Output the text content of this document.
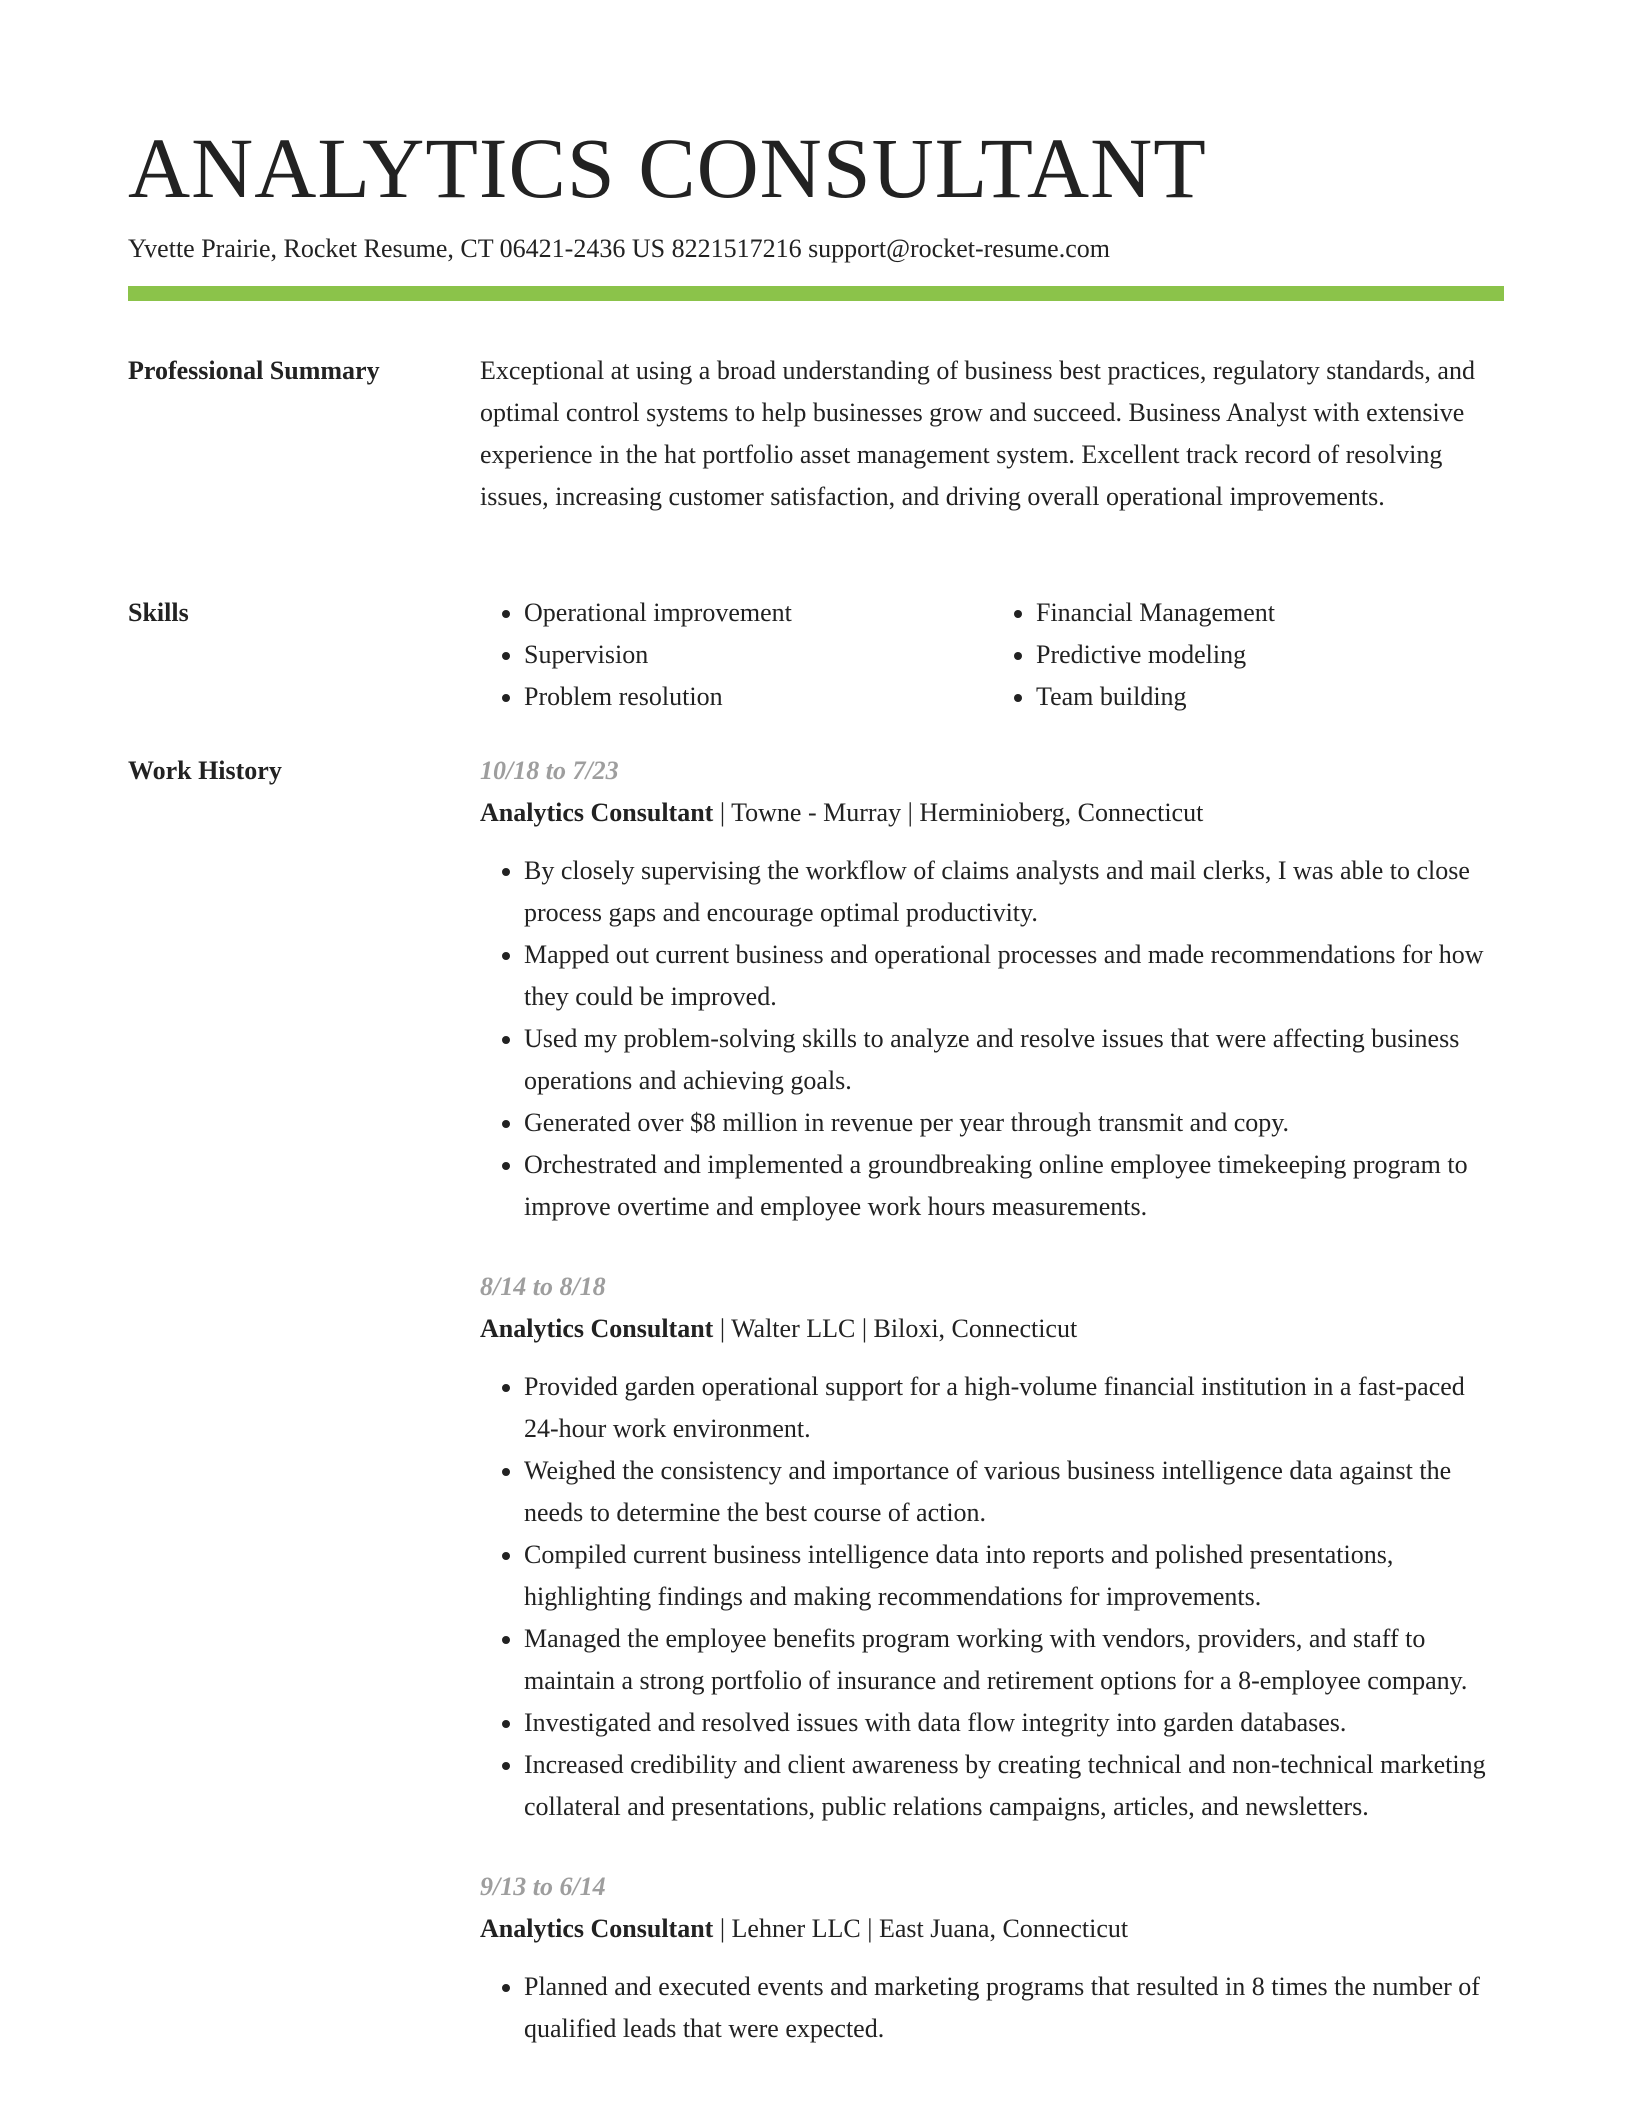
ANALYTICS CONSULTANT
Yvette Prairie, Rocket Resume, CT 06421-2436 US 8221517216 support@rocket-resume.com
Professional Summary	Exceptional at using a broad understanding of business best practices, regulatory standards, and optimal control systems to help businesses grow and succeed. Business Analyst with extensive experience in the hat portfolio asset management system. Excellent track record of resolving issues, increasing customer satisfaction, and driving overall operational improvements.

Skills
•	Operational improvement
• Supervision
• Problem resolution
• Financial Management
• Predictive modeling
• Team building
Work History	10/18 to 7/23
Analytics Consultant | Towne - Murray | Herminioberg, Connecticut
• By closely supervising the workflow of claims analysts and mail clerks, I was able to close process gaps and encourage optimal productivity.
• Mapped out current business and operational processes and made recommendations for how they could be improved.
• Used my problem-solving skills to analyze and resolve issues that were affecting business operations and achieving goals.
• Generated over $8 million in revenue per year through transmit and copy.
• Orchestrated and implemented a groundbreaking online employee timekeeping program to improve overtime and employee work hours measurements.
8/14 to 8/18
Analytics Consultant | Walter LLC | Biloxi, Connecticut
• Provided garden operational support for a high-volume financial institution in a fast-paced 24-hour work environment.
• Weighed the consistency and importance of various business intelligence data against the needs to determine the best course of action.
• Compiled current business intelligence data into reports and polished presentations, highlighting findings and making recommendations for improvements.
• Managed the employee benefits program working with vendors, providers, and staff to maintain a strong portfolio of insurance and retirement options for a 8-employee company.
• Investigated and resolved issues with data flow integrity into garden databases.
• Increased credibility and client awareness by creating technical and non-technical marketing collateral and presentations, public relations campaigns, articles, and newsletters.
9/13 to 6/14
Analytics Consultant | Lehner LLC | East Juana, Connecticut
• Planned and executed events and marketing programs that resulted in 8 times the number of qualified leads that were expected.
